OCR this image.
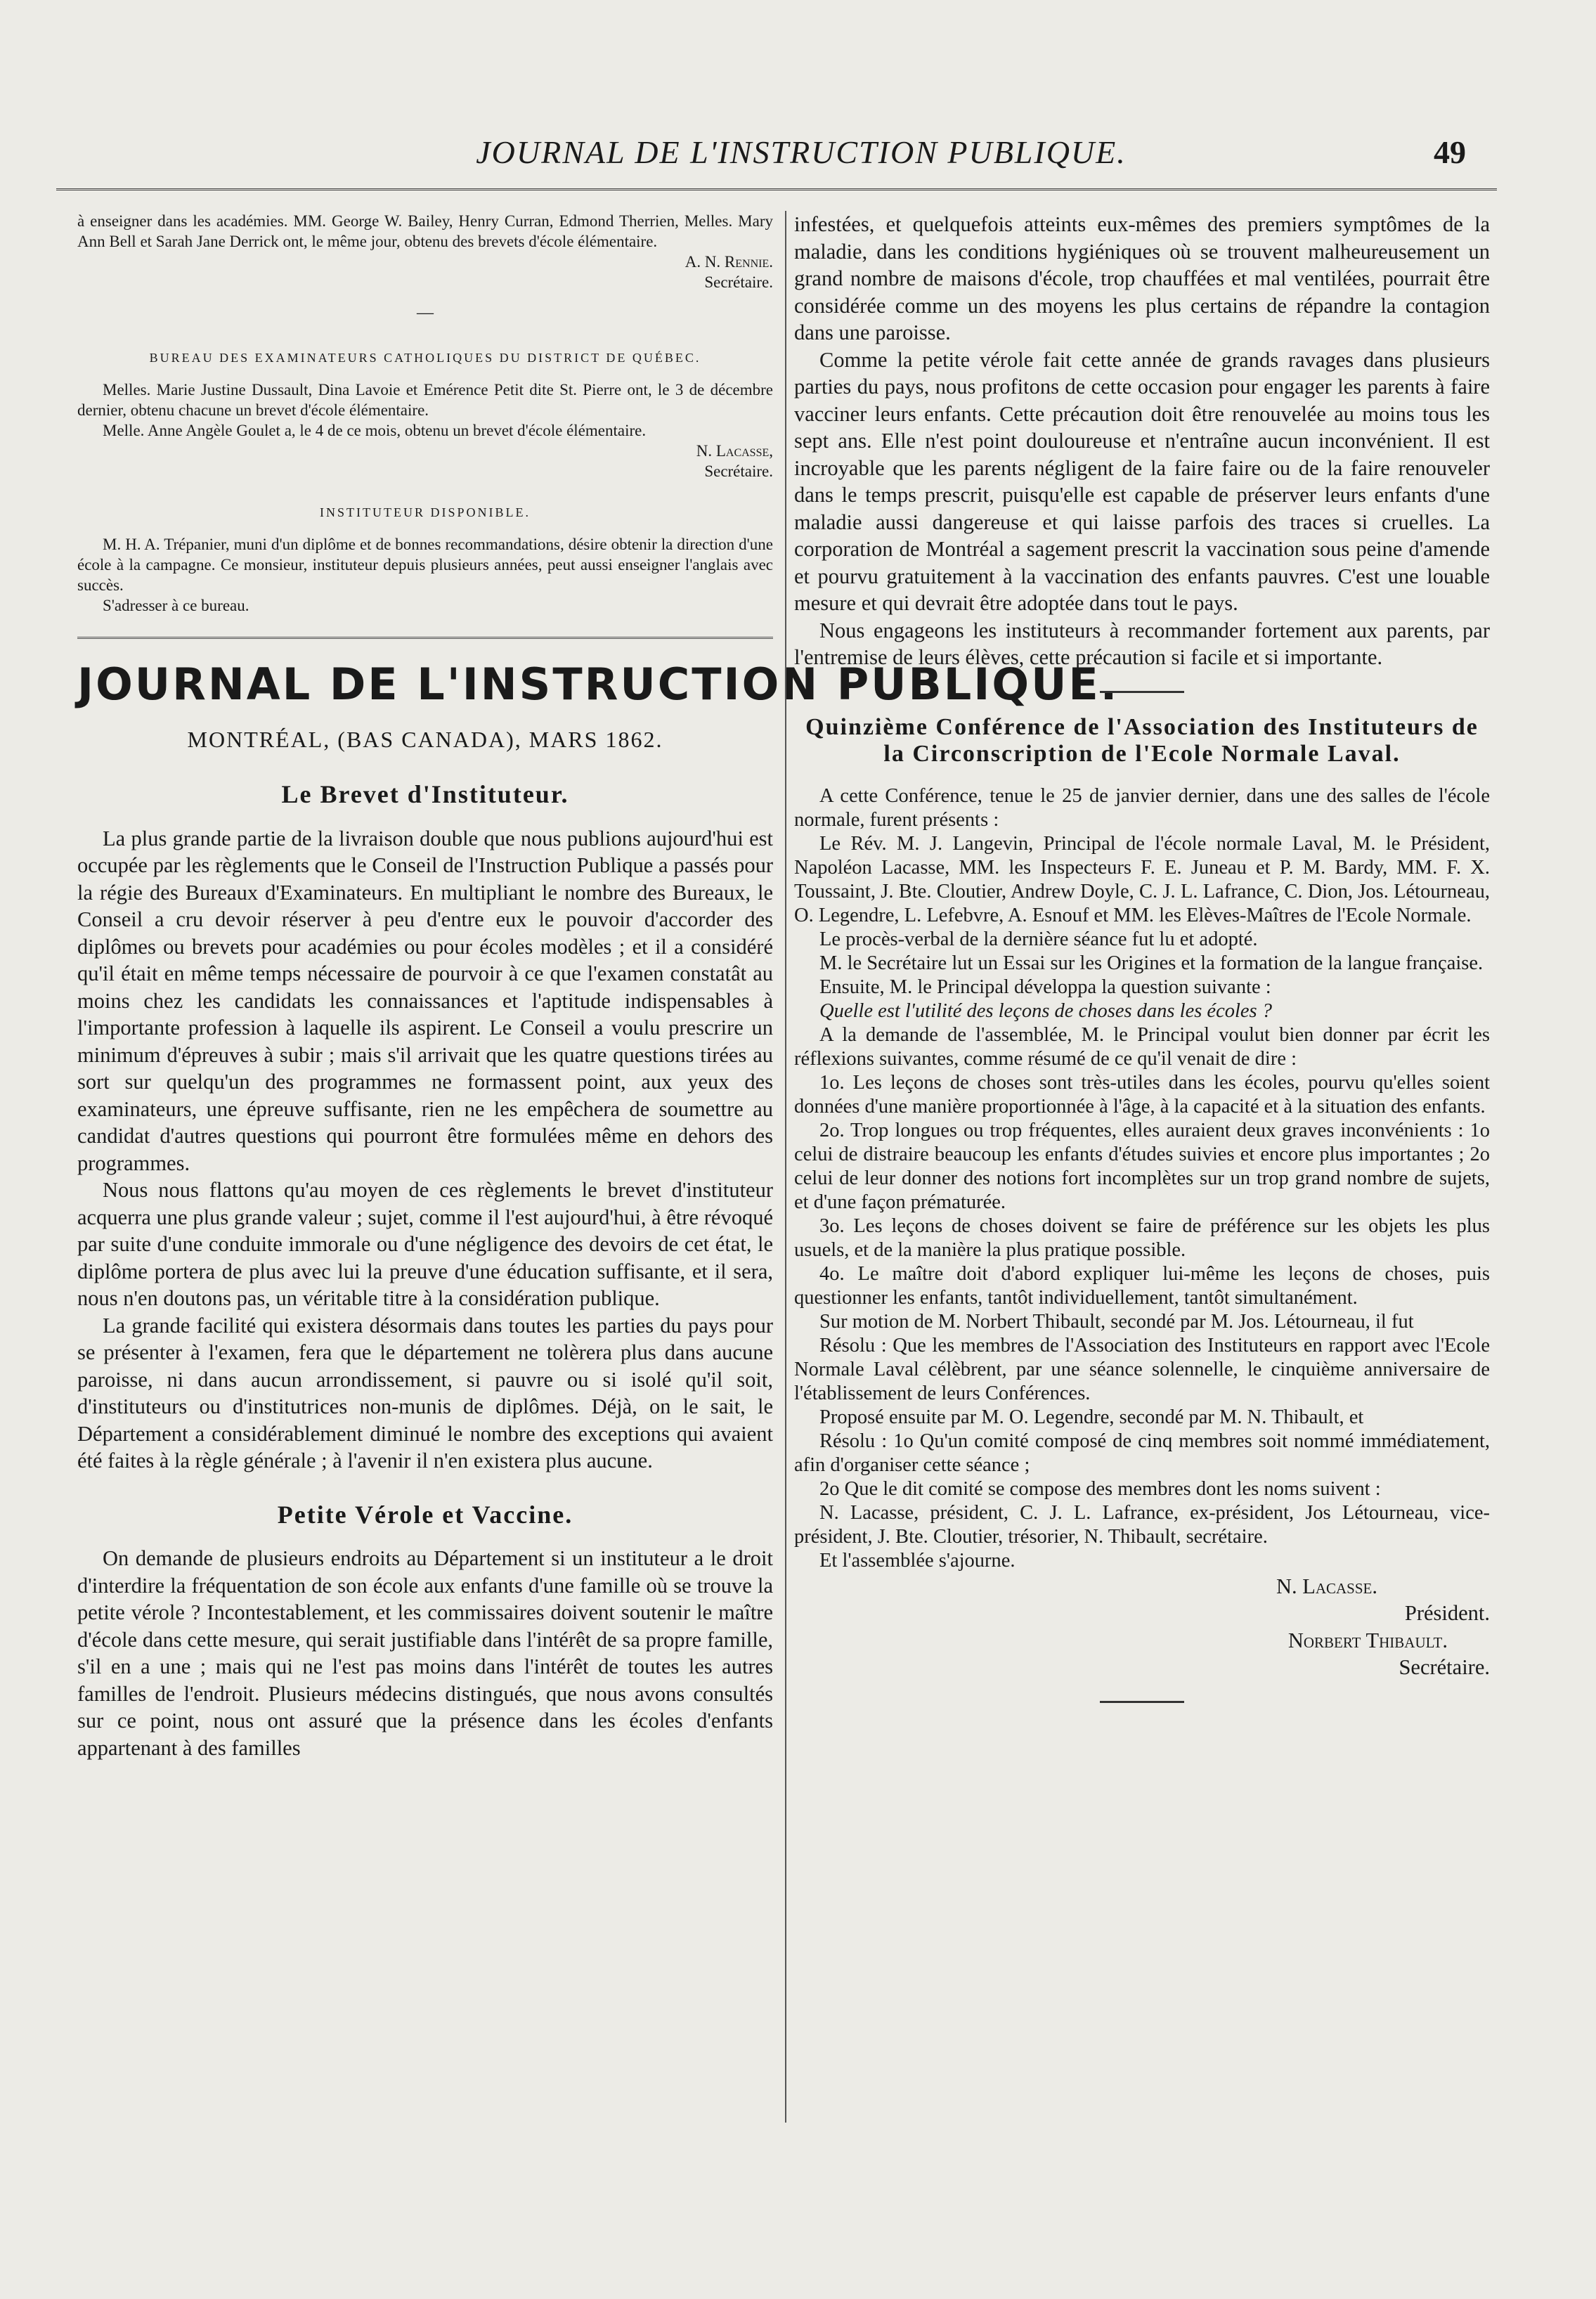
JOURNAL DE L'INSTRUCTION PUBLIQUE.	49

à enseigner dans les académies. MM. George W. Bailey, Henry Curran, Edmond Therrien, Melles. Mary Ann Bell et Sarah Jane Derrick ont, le même jour, obtenu des brevets d'école élémentaire.

A. N. Rennie.
Secrétaire.
—
BUREAU DES EXAMINATEURS CATHOLIQUES DU DISTRICT DE QUÉBEC.

Melles. Marie Justine Dussault, Dina Lavoie et Emérence Petit dite St. Pierre ont, le 3 de décembre dernier, obtenu chacune un brevet d'école élémentaire.

Melle. Anne Angèle Goulet a, le 4 de ce mois, obtenu un brevet d'école élémentaire.

N. Lacasse,
Secrétaire.
INSTITUTEUR DISPONIBLE.

M. H. A. Trépanier, muni d'un diplôme et de bonnes recommandations, désire obtenir la direction d'une école à la campagne. Ce monsieur, instituteur depuis plusieurs années, peut aussi enseigner l'anglais avec succès.

S'adresser à ce bureau.

JOURNAL DE L'INSTRUCTION PUBLIQUE.
MONTRÉAL, (BAS CANADA), MARS 1862.
Le Brevet d'Instituteur.

La plus grande partie de la livraison double que nous publions aujourd'hui est occupée par les règlements que le Conseil de l'Instruction Publique a passés pour la régie des Bureaux d'Examinateurs. En multipliant le nombre des Bureaux, le Conseil a cru devoir réserver à peu d'entre eux le pouvoir d'accorder des diplômes ou brevets pour académies ou pour écoles modèles ; et il a considéré qu'il était en même temps nécessaire de pourvoir à ce que l'examen constatât au moins chez les candidats les connaissances et l'aptitude indispensables à l'importante profession à laquelle ils aspirent. Le Conseil a voulu prescrire un minimum d'épreuves à subir ; mais s'il arrivait que les quatre questions tirées au sort sur quelqu'un des programmes ne formassent point, aux yeux des examinateurs, une épreuve suffisante, rien ne les empêchera de soumettre au candidat d'autres questions qui pourront être formulées même en dehors des programmes.

Nous nous flattons qu'au moyen de ces règlements le brevet d'instituteur acquerra une plus grande valeur ; sujet, comme il l'est aujourd'hui, à être révoqué par suite d'une conduite immorale ou d'une négligence des devoirs de cet état, le diplôme portera de plus avec lui la preuve d'une éducation suffisante, et il sera, nous n'en doutons pas, un véritable titre à la considération publique.

La grande facilité qui existera désormais dans toutes les parties du pays pour se présenter à l'examen, fera que le département ne tolèrera plus dans aucune paroisse, ni dans aucun arrondissement, si pauvre ou si isolé qu'il soit, d'instituteurs ou d'institutrices non-munis de diplômes. Déjà, on le sait, le Département a considérablement diminué le nombre des exceptions qui avaient été faites à la règle générale ; à l'avenir il n'en existera plus aucune.

Petite Vérole et Vaccine.

On demande de plusieurs endroits au Département si un instituteur a le droit d'interdire la fréquentation de son école aux enfants d'une famille où se trouve la petite vérole ? Incontestablement, et les commissaires doivent soutenir le maître d'école dans cette mesure, qui serait justifiable dans l'intérêt de sa propre famille, s'il en a une ; mais qui ne l'est pas moins dans l'intérêt de toutes les autres familles de l'endroit. Plusieurs médecins distingués, que nous avons consultés sur ce point, nous ont assuré que la présence dans les écoles d'enfants appartenant à des familles

infestées, et quelquefois atteints eux-mêmes des premiers symptômes de la maladie, dans les conditions hygiéniques où se trouvent malheureusement un grand nombre de maisons d'école, trop chauffées et mal ventilées, pourrait être considérée comme un des moyens les plus certains de répandre la contagion dans une paroisse.

Comme la petite vérole fait cette année de grands ravages dans plusieurs parties du pays, nous profitons de cette occasion pour engager les parents à faire vacciner leurs enfants. Cette précaution doit être renouvelée au moins tous les sept ans. Elle n'est point douloureuse et n'entraîne aucun inconvénient. Il est incroyable que les parents négligent de la faire faire ou de la faire renouveler dans le temps prescrit, puisqu'elle est capable de préserver leurs enfants d'une maladie aussi dangereuse et qui laisse parfois des traces si cruelles. La corporation de Montréal a sagement prescrit la vaccination sous peine d'amende et pourvu gratuitement à la vaccination des enfants pauvres. C'est une louable mesure et qui devrait être adoptée dans tout le pays.

Nous engageons les instituteurs à recommander fortement aux parents, par l'entremise de leurs élèves, cette précaution si facile et si importante.

Quinzième Conférence de l'Association des Instituteurs de la Circonscription de l'Ecole Normale Laval.

A cette Conférence, tenue le 25 de janvier dernier, dans une des salles de l'école normale, furent présents :

Le Rév. M. J. Langevin, Principal de l'école normale Laval, M. le Président, Napoléon Lacasse, MM. les Inspecteurs F. E. Juneau et P. M. Bardy, MM. F. X. Toussaint, J. Bte. Cloutier, Andrew Doyle, C. J. L. Lafrance, C. Dion, Jos. Létourneau, O. Legendre, L. Lefebvre, A. Esnouf et MM. les Elèves-Maîtres de l'Ecole Normale.

Le procès-verbal de la dernière séance fut lu et adopté.

M. le Secrétaire lut un Essai sur les Origines et la formation de la langue française.

Ensuite, M. le Principal développa la question suivante :

Quelle est l'utilité des leçons de choses dans les écoles ?

A la demande de l'assemblée, M. le Principal voulut bien donner par écrit les réflexions suivantes, comme résumé de ce qu'il venait de dire :

1o. Les leçons de choses sont très-utiles dans les écoles, pourvu qu'elles soient données d'une manière proportionnée à l'âge, à la capacité et à la situation des enfants.

2o. Trop longues ou trop fréquentes, elles auraient deux graves inconvénients : 1o celui de distraire beaucoup les enfants d'études suivies et encore plus importantes ; 2o celui de leur donner des notions fort incomplètes sur un trop grand nombre de sujets, et d'une façon prématurée.

3o. Les leçons de choses doivent se faire de préférence sur les objets les plus usuels, et de la manière la plus pratique possible.

4o. Le maître doit d'abord expliquer lui-même les leçons de choses, puis questionner les enfants, tantôt individuellement, tantôt simultanément.

Sur motion de M. Norbert Thibault, secondé par M. Jos. Létourneau, il fut

Résolu : Que les membres de l'Association des Instituteurs en rapport avec l'Ecole Normale Laval célèbrent, par une séance solennelle, le cinquième anniversaire de l'établissement de leurs Conférences.

Proposé ensuite par M. O. Legendre, secondé par M. N. Thibault, et

Résolu : 1o Qu'un comité composé de cinq membres soit nommé immédiatement, afin d'organiser cette séance ;

2o Que le dit comité se compose des membres dont les noms suivent :

N. Lacasse, président, C. J. L. Lafrance, ex-président, Jos Létourneau, vice-président, J. Bte. Cloutier, trésorier, N. Thibault, secrétaire.

Et l'assemblée s'ajourne.

N. Lacasse.
Président.
Norbert Thibault.
Secrétaire.
